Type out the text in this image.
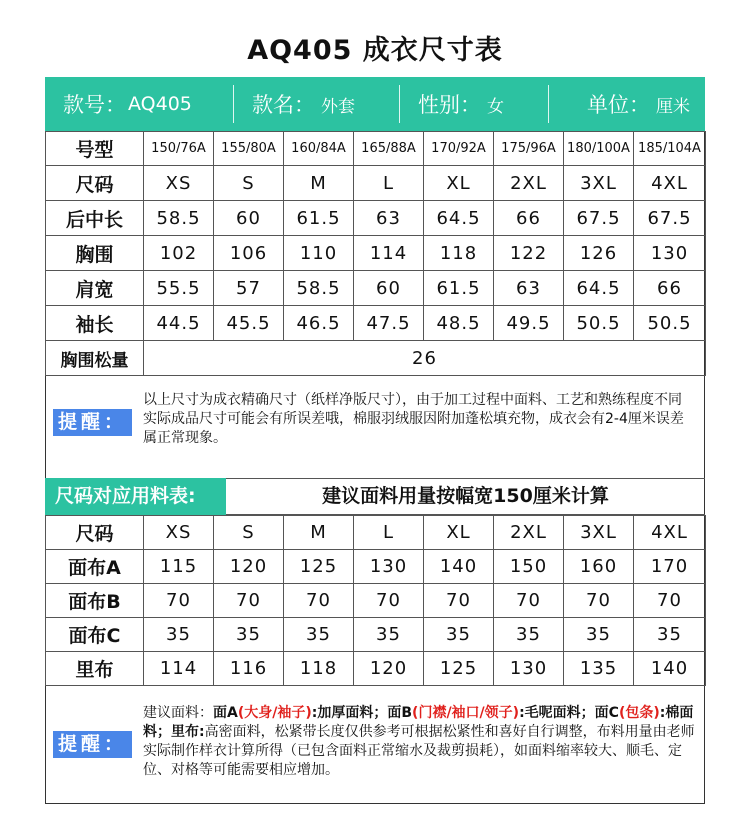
AQ405 成衣尺寸表
款号： AQ405	款名： 外套	性别： 女	单位： 厘米
号型	150/76A	155/80A	160/84A	165/88A	170/92A	175/96A	180/100A	185/104A
尺码	XS	S	M	L	XL	2XL	3XL	4XL
后中长	58.5	60	61.5	63	64.5	66	67.5	67.5
胸围	102	106	110	114	118	122	126	130
肩宽	55.5	57	58.5	60	61.5	63	64.5	66
袖长	44.5	45.5	46.5	47.5	48.5	49.5	50.5	50.5
胸围松量	26							
提醒：
以上尺寸为成衣精确尺寸（纸样净版尺寸），由于加工过程中面料、工艺和熟练程度不同实际成品尺寸可能会有所误差哦，棉服羽绒服因附加蓬松填充物，成衣会有2-4厘米误差属正常现象。
尺码对应用料表:	建议面料用量按幅宽150厘米计算
尺码	XS	S	M	L	XL	2XL	3XL	4XL
面布A	115	120	125	130	140	150	160	170
面布B	70	70	70	70	70	70	70	70
面布C	35	35	35	35	35	35	35	35
里布	114	116	118	120	125	130	135	140
提醒：
建议面料：面A(大身/袖子):加厚面料；面B(门襟/袖口/领子):毛呢面料；面C(包条):棉面料；里布:高密面料，松紧带长度仅供参考可根据松紧性和喜好自行调整，布料用量由老师实际制作样衣计算所得（已包含面料正常缩水及裁剪损耗），如面料缩率较大、顺毛、定位、对格等可能需要相应增加。
